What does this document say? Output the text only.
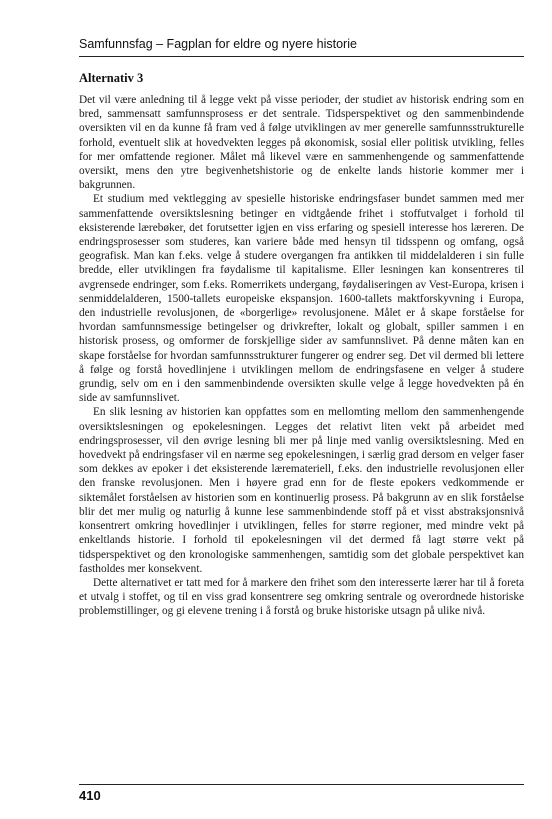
Samfunnsfag – Fagplan for eldre og nyere historie
Alternativ 3

Det vil være anledning til å legge vekt på visse perioder, der studiet av historisk endring som en bred, sammensatt samfunnsprosess er det sentrale. Tidsperspektivet og den sammenbindende oversikten vil en da kunne få fram ved å følge utviklingen av mer generelle samfunnsstrukturelle forhold, eventuelt slik at hovedvekten legges på økonomisk, sosial eller politisk utvikling, felles for mer omfattende regioner. Målet må likevel være en sammenhengende og sammenfattende oversikt, mens den ytre begivenhetshistorie og de enkelte lands historie kommer mer i bakgrunnen.

Et studium med vektlegging av spesielle historiske endringsfaser bundet sammen med mer sammenfattende oversiktslesning betinger en vidtgående frihet i stoffutvalget i forhold til eksisterende lærebøker, det forutsetter igjen en viss erfaring og spesiell interesse hos læreren. De endringsprosesser som studeres, kan variere både med hensyn til tidsspenn og omfang, også geografisk. Man kan f.eks. velge å studere overgangen fra antikken til middelalderen i sin fulle bredde, eller utviklingen fra føydalisme til kapitalisme. Eller lesningen kan konsentreres til avgrensede endringer, som f.eks. Romerrikets undergang, føydaliseringen av Vest-Europa, krisen i senmiddelalderen, 1500-tallets europeiske ekspansjon. 1600-tallets maktforskyvning i Europa, den industrielle revolusjonen, de «borgerlige» revolusjonene. Målet er å skape forståelse for hvordan samfunnsmessige betingelser og drivkrefter, lokalt og globalt, spiller sammen i en historisk prosess, og omformer de forskjellige sider av samfunnslivet. På denne måten kan en skape forståelse for hvordan samfunnsstrukturer fungerer og endrer seg. Det vil dermed bli lettere å følge og forstå hovedlinjene i utviklingen mellom de endringsfasene en velger å studere grundig, selv om en i den sammenbindende oversikten skulle velge å legge hovedvekten på én side av samfunnslivet.

En slik lesning av historien kan oppfattes som en mellomting mellom den sammenhengende oversiktslesningen og epokelesningen. Legges det relativt liten vekt på arbeidet med endringsprosesser, vil den øvrige lesning bli mer på linje med vanlig oversiktslesning. Med en hovedvekt på endringsfaser vil en nærme seg epokelesningen, i særlig grad dersom en velger faser som dekkes av epoker i det eksisterende læremateriell, f.eks. den industrielle revolusjonen eller den franske revolusjonen. Men i høyere grad enn for de fleste epokers vedkommende er siktemålet forståelsen av historien som en kontinuerlig prosess. På bakgrunn av en slik forståelse blir det mer mulig og naturlig å kunne lese sammenbindende stoff på et visst abstraksjonsnivå konsentrert omkring hovedlinjer i utviklingen, felles for større regioner, med mindre vekt på enkeltlands historie. I forhold til epokelesningen vil det dermed få lagt større vekt på tidsperspektivet og den kronologiske sammenhengen, samtidig som det globale perspektivet kan fastholdes mer konsekvent.

Dette alternativet er tatt med for å markere den frihet som den interesserte lærer har til å foreta et utvalg i stoffet, og til en viss grad konsentrere seg omkring sentrale og overordnede historiske problemstillinger, og gi elevene trening i å forstå og bruke historiske utsagn på ulike nivå.

410
